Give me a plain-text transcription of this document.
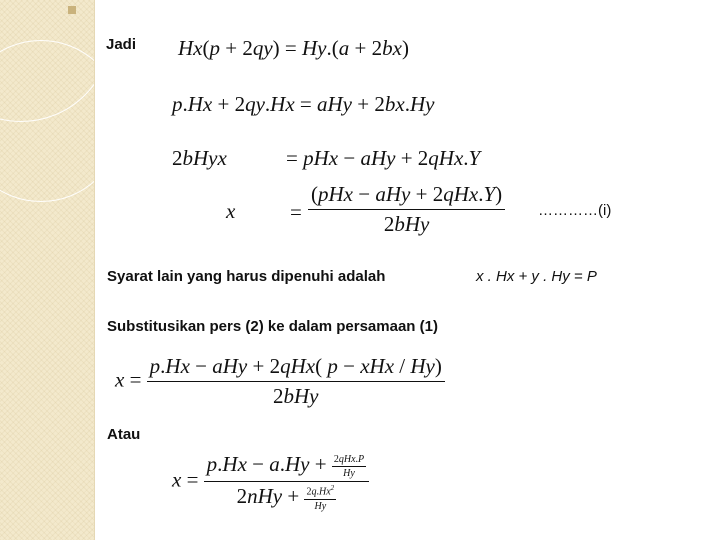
Jadi Hx(p + 2qy) = Hy.(a + 2bx)
p.Hx + 2qy.Hx = aHy + 2bx.Hy
2bHyx	= pHx − aHy + 2qHx.Y
x	= $\frac{\text{(pHx − aHy + 2qHx.Y)}}{\text{2bHy}}$ …………(i)
Syarat lain yang harus dipenuhi adalah	x . Hx + y . Hy = P
Substitusikan pers (2) ke dalam persamaan (1)
$x = \frac{\text{p.Hx − aHy + 2qHx( p − xHx / Hy)}}{\text{2bHy}}$
Atau
x = p.Hx − a.Hy + 2qHx.P
Hy
$2nHy + \frac{2q.Hx^2}{Hy}$
